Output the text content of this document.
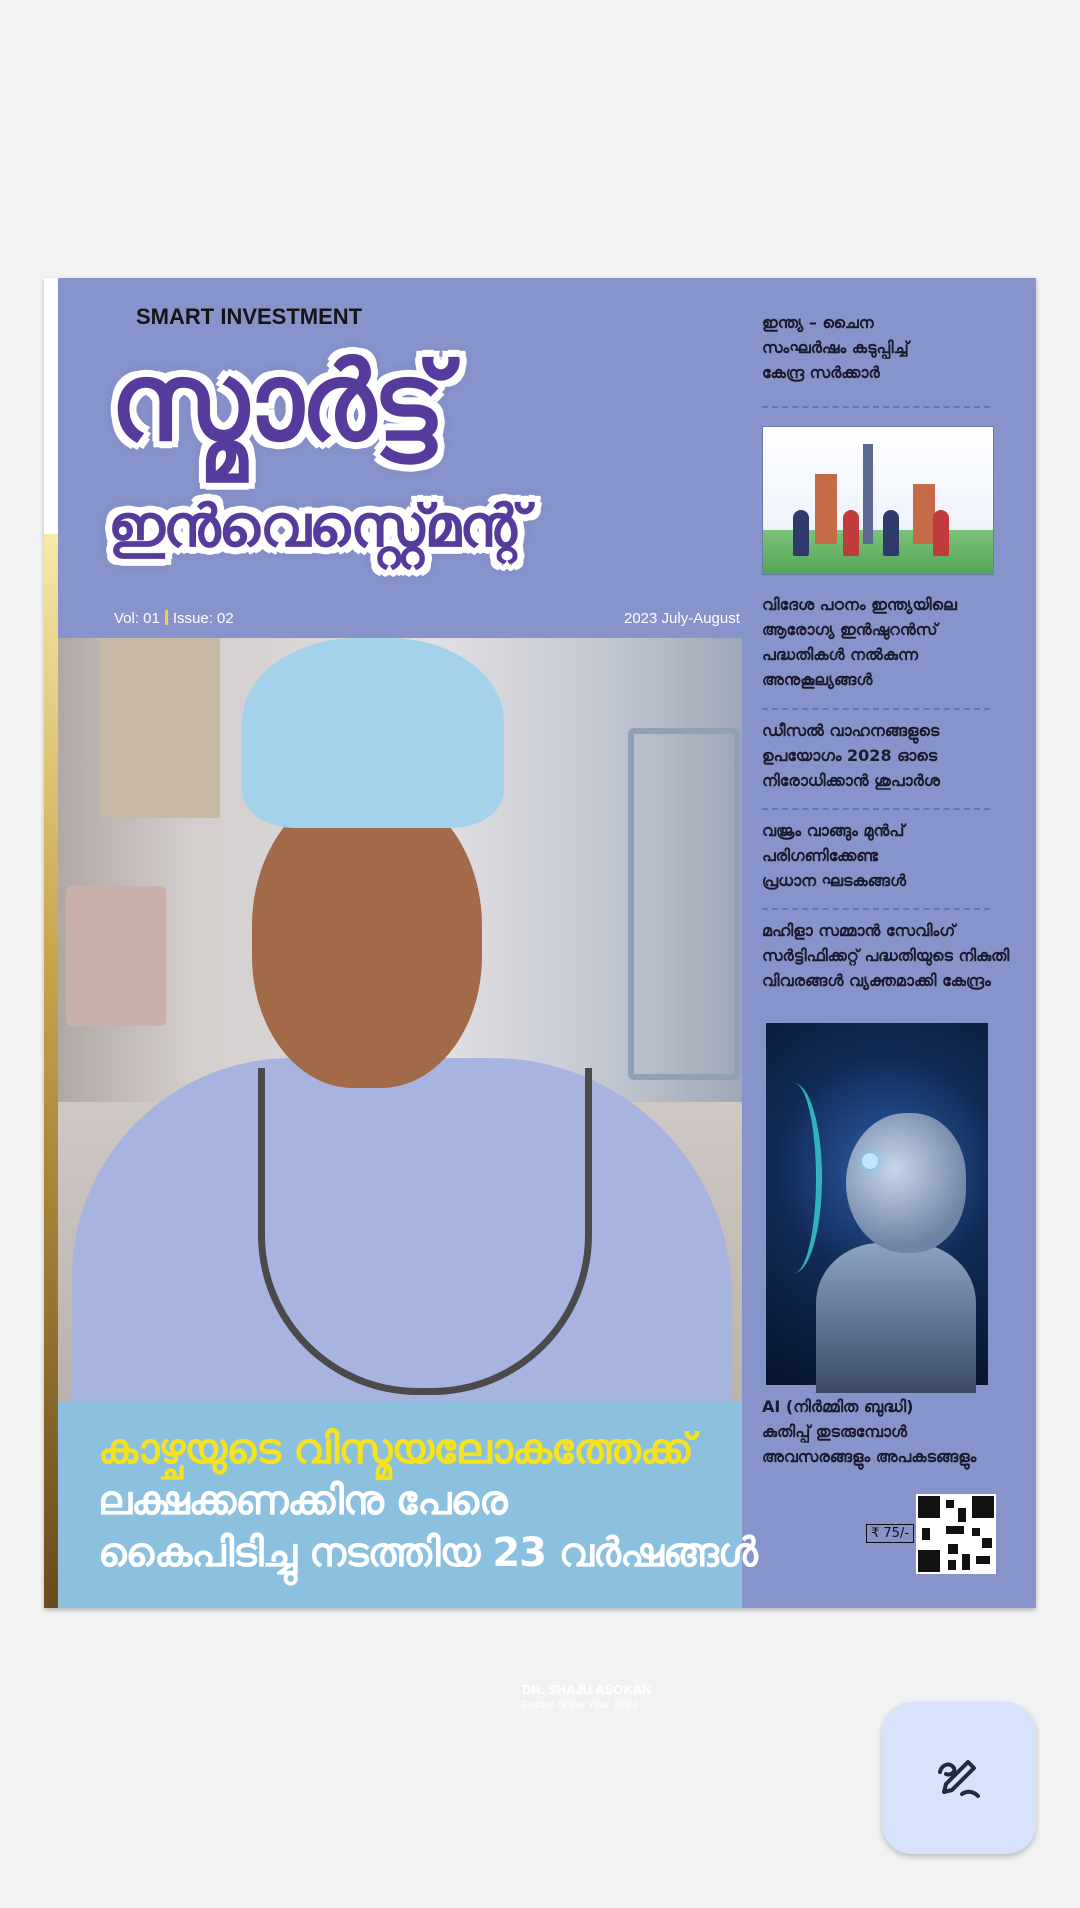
SMART INVESTMENT
സ്മാർട്ട്
ഇൻവെസ്റ്റ്മെന്റ്
Vol: 01 Issue: 02	2023 July-August
DR. SHAJU ASOKAN
Doctor of the Year 2023
കാഴ്ചയുടെ വിസ്മയലോകത്തേക്ക്
ലക്ഷക്കണക്കിനു പേരെ
കൈപിടിച്ചു നടത്തിയ 23 വർഷങ്ങൾ
ഇന്ത്യ – ചൈന
സംഘർഷം കടുപ്പിച്ച്
കേന്ദ്ര സർക്കാർ
വിദേശ പഠനം ഇന്ത്യയിലെ
ആരോഗ്യ ഇൻഷുറൻസ്
പദ്ധതികൾ നൽകുന്ന
അനുകൂല്യങ്ങൾ
ഡീസൽ വാഹനങ്ങളുടെ
ഉപയോഗം 2028 ഓടെ
നിരോധിക്കാൻ ശുപാർശ
വജ്രം വാങ്ങും മുൻപ്
പരിഗണിക്കേണ്ട
പ്രധാന ഘടകങ്ങൾ
മഹിളാ സമ്മാൻ സേവിംഗ്
സർട്ടിഫിക്കറ്റ് പദ്ധതിയുടെ നികുതി
വിവരങ്ങൾ വ്യക്തമാക്കി കേന്ദ്രം
AI (നിർമ്മിത ബുദ്ധി)
കുതിപ്പ് തുടരുമ്പോൾ
അവസരങ്ങളും അപകടങ്ങളും
₹ 75/-
